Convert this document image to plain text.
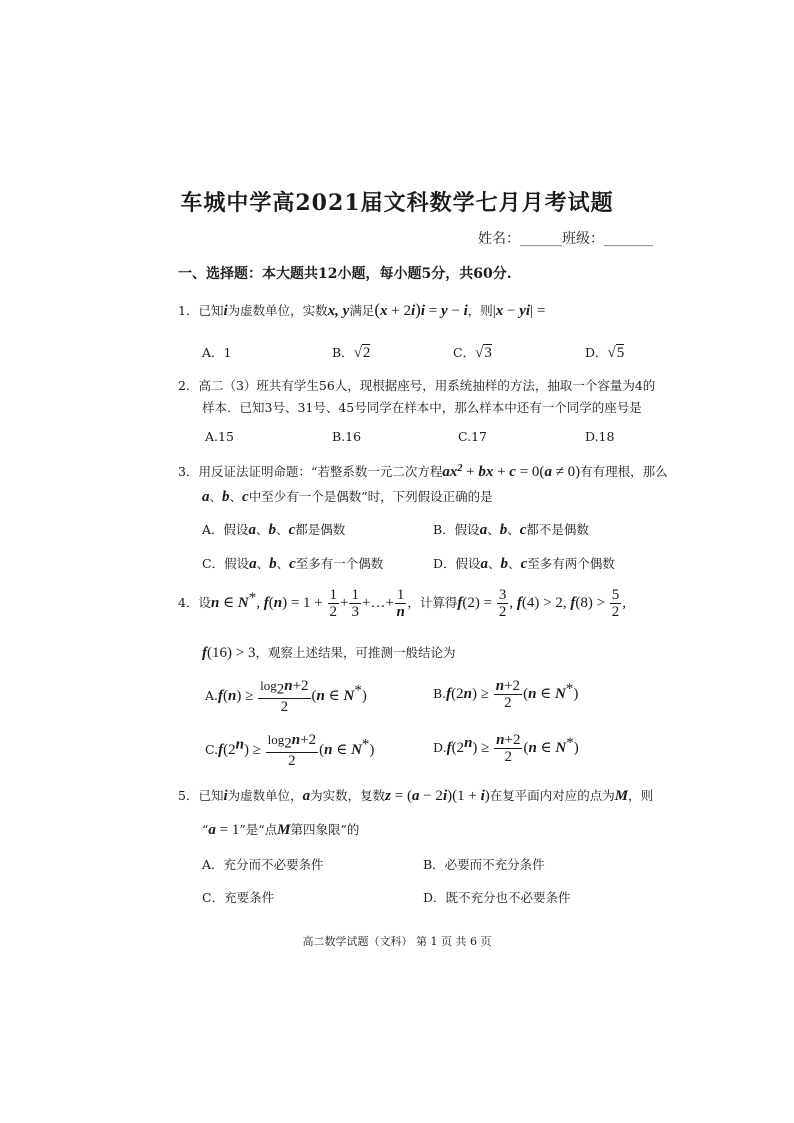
车城中学高2021届文科数学七月月考试题
姓名：______班级：_______
一、选择题：本大题共12小题，每小题5分，共60分.
1．已知i为虚数单位，实数x, y满足(x + 2i)i = y − i，则|x − yi| =
A．1	B．√2	C．√3	D．√5
2．高二（3）班共有学生56人，现根据座号，用系统抽样的方法，抽取一个容量为4的
样本．已知3号、31号、45号同学在样本中，那么样本中还有一个同学的座号是
A.15	B.16	C.17	D.18
3．用反证法证明命题：“若整系数一元二次方程$ax^2$ + bx + c = 0(a ≠ 0)有有理根，那么
a、b、c中至少有一个是偶数”时，下列假设正确的是
A．假设a、b、c都是偶数	B．假设a、b、c都不是偶数
C．假设a、b、c至多有一个偶数	D．假设a、b、c至多有两个偶数
4．设n ∈ N*, $f(n) = 1 + \frac{1}{2} + \frac{1}{3}$ +…+ $\frac{1}{n}$ ，计算得$f(2) = \frac{3}{2}$ , f(4) > 2, $f(8) > \frac{5}{2}$ ,
f(16) > 3，观察上述结果，可推测一般结论为
$A.f(n) \ge \frac{\log_2n+2}{2} (n$ ∈ N*)	$B.f(2n) \ge \frac{n+2}{2} (n$ ∈ N*)
$C.f(2^n) \ge \frac{\log_2n+2}{2} (n$ ∈ N*)	$D.f(2^n) \ge \frac{n+2}{2} (n$ ∈ N*)
5．已知i为虚数单位，a为实数，复数z = (a − 2i)(1 + i)在复平面内对应的点为M，则
“a = 1”是“点M第四象限”的
A．充分而不必要条件	B．必要而不充分条件
C．充要条件	D．既不充分也不必要条件
高二数学试题（文科） 第 1 页 共 6 页
